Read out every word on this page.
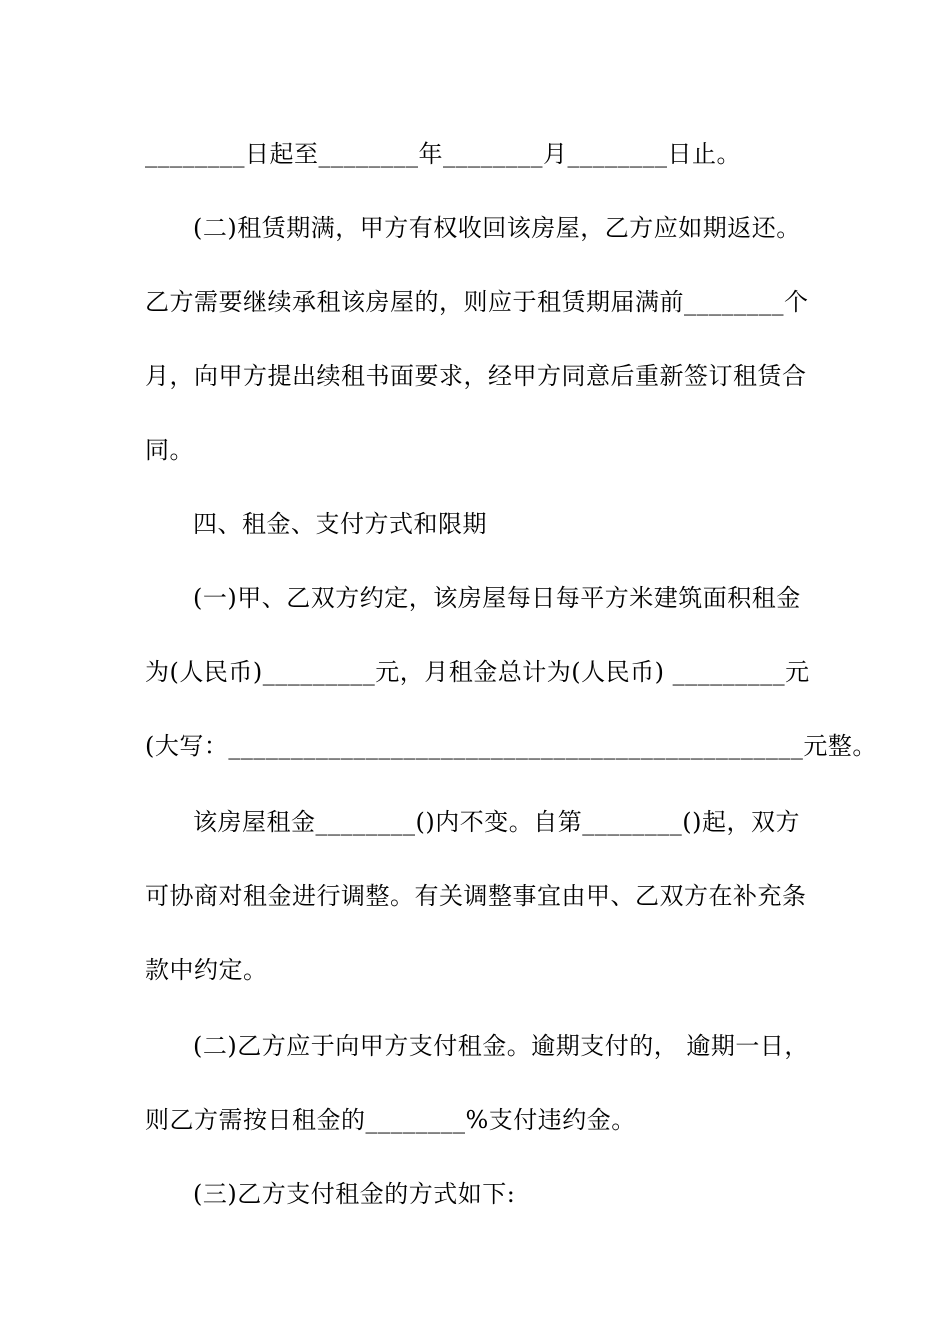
________日起至________年________月________日止。
(二)租赁期满，甲方有权收回该房屋，乙方应如期返还。
乙方需要继续承租该房屋的，则应于租赁期届满前________个
月，向甲方提出续租书面要求，经甲方同意后重新签订租赁合
同。
四、租金、支付方式和限期
(一)甲、乙双方约定，该房屋每日每平方米建筑面积租金
为(人民币)_________元，月租金总计为(人民币) _________元
(大写：______________________________________________元整。
该房屋租金________()内不变。自第________()起，双方
可协商对租金进行调整。有关调整事宜由甲、乙双方在补充条
款中约定。
(二)乙方应于向甲方支付租金。逾期支付的， 逾期一日，
则乙方需按日租金的________%支付违约金。
(三)乙方支付租金的方式如下:
